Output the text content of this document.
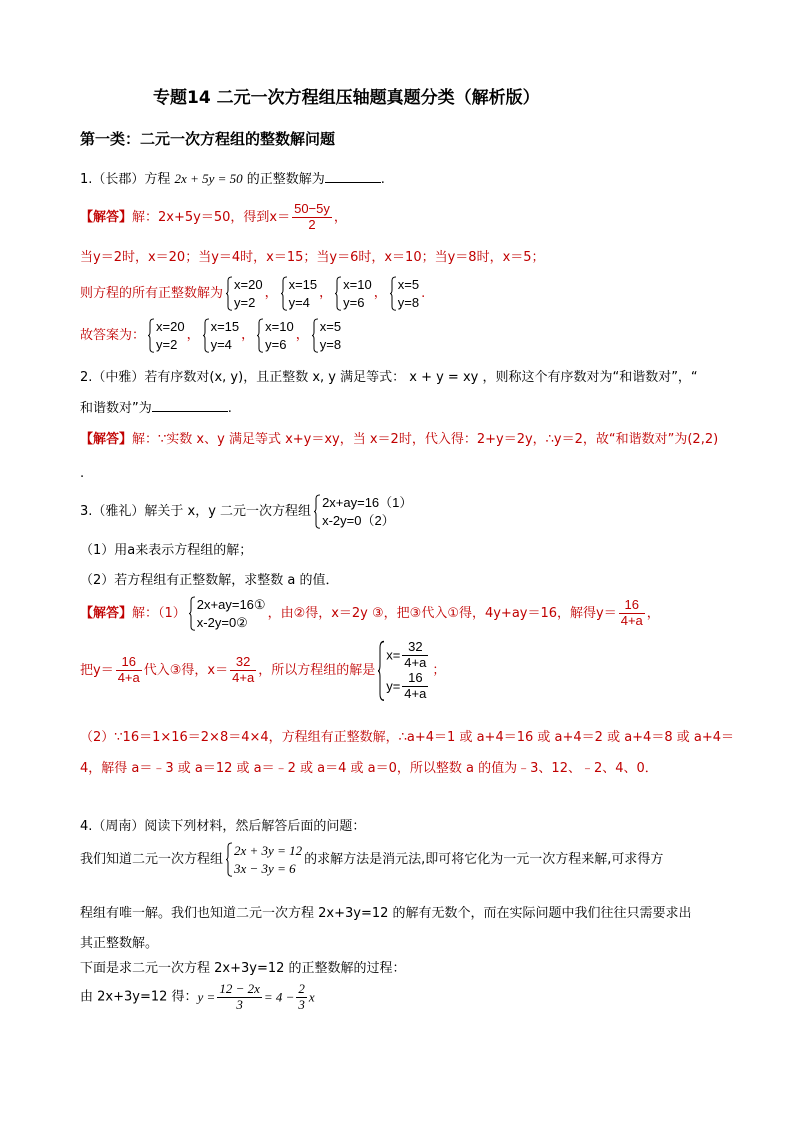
专题14 二元一次方程组压轴题真题分类（解析版）
第一类：二元一次方程组的整数解问题
1.（长郡）方程 2x + 5y = 50 的正整数解为	.
【解答】解：2x+5y＝50，得到$x= \frac{50-5y}{2}$ ，
当y＝2时，x＝20；当y＝4时，x＝15；当y＝6时，x＝10；当y＝8时，x＝5；
则方程的所有正整数解为
x=20
y=2
，
x=15
y=4
，
x=10
y=6
，
x=5
y=8
.
故答案为：
x=20
y=2
，
x=15
y=4
，
x=10
y=6
，
x=5
y=8
2.（中雅）若有序数对(x, y)，且正整数 x, y 满足等式： x + y = xy ，则称这个有序数对为“和谐数对”，“
和谐数对”为	.
【解答】解：∵实数 x、y 满足等式 x+y＝xy，当 x＝2时，代入得：2+y＝2y，∴y＝2，故“和谐数对”为(2,2)
.
3.（雅礼）解关于 x，y 二元一次方程组
2x+ay=16（1）
x-2y=0（2）
（1）用a来表示方程组的解；
（2）若方程组有正整数解，求整数 a 的值．
【解答】解：（1）
2x+ay=16①
x-2y=0②
，由②得，x＝2y ③，把③代入①得，4y+ay＝16，解得$y= \frac{16}{4+a}$ ，
把$y= \frac{16}{4+a}$ 代入③得，$x= \frac{32}{4+a}$ ，所以方程组的解是
$x= \frac{32}{4+a}$
$y= \frac{16}{4+a}$
；
（2）∵16＝1×16＝2×8＝4×4，方程组有正整数解，∴a+4＝1 或 a+4＝16 或 a+4＝2 或 a+4＝8 或 a+4＝
4，解得 a＝﹣3 或 a＝12 或 a＝﹣2 或 a＝4 或 a＝0，所以整数 a 的值为﹣3、12、﹣2、4、0．
4.（周南）阅读下列材料，然后解答后面的问题：
我们知道二元一次方程组
2x + 3y = 12
3x − 3y = 6
的求解方法是消元法,即可将它化为一元一次方程来解,可求得方
程组有唯一解。我们也知道二元一次方程 2x+3y=12 的解有无数个，而在实际问题中我们往往只需要求出
其正整数解。
下面是求二元一次方程 2x+3y=12 的正整数解的过程：
由 2x+3y=12 得：$y = \frac{12 - 2x}{3} = 4 - \frac{2}{3}$ x
